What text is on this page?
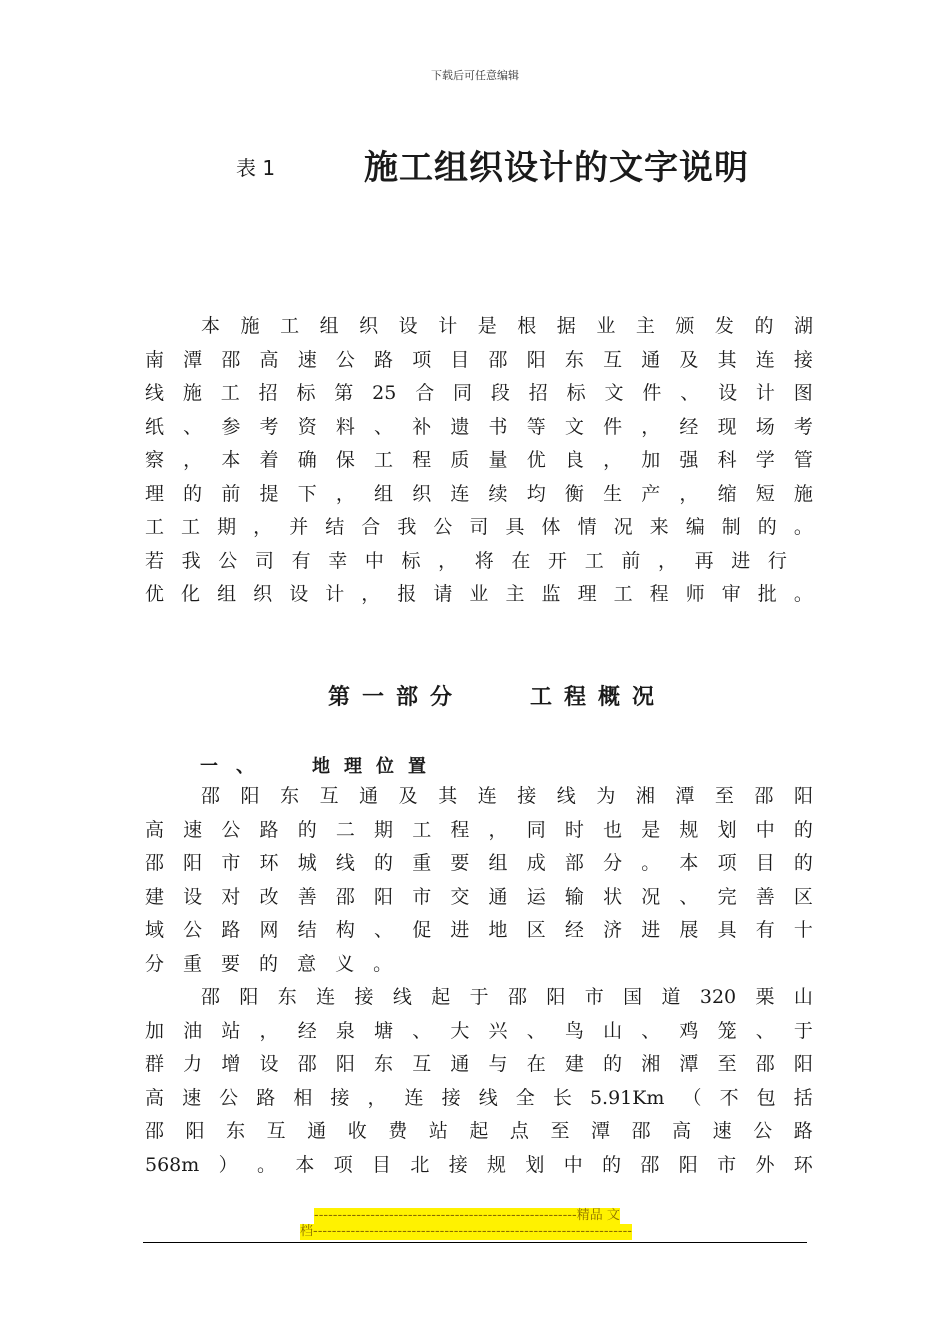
下载后可任意编辑
表 1	施工组织设计的文字说明
本 施 工 组 织 设 计 是 根 据 业 主 颁 发 的 湖
南 潭 邵 高 速 公 路 项 目 邵 阳 东 互 通 及 其 连 接
线 施 工 招 标 第 25 合 同 段 招 标 文 件 、 设 计 图
纸 、 参 考 资 料 、 补 遗 书 等 文 件 ， 经 现 场 考
察 ， 本 着 确 保 工 程 质 量 优 良 ， 加 强 科 学 管
理 的 前 提 下 ， 组 织 连 续 均 衡 生 产 ， 缩 短 施
工 工 期 ， 并 结 合 我 公 司 具 体 情 况 来 编 制 的 。
若 我 公 司 有 幸 中 标 ， 将 在 开 工 前 ， 再 进 行
优 化 组 织 设 计 ， 报 请 业 主 监 理 工 程 师 审 批 。
第一部分	工程概况
一、 地理位置
邵 阳 东 互 通 及 其 连 接 线 为 湘 潭 至 邵 阳
高 速 公 路 的 二 期 工 程 ， 同 时 也 是 规 划 中 的
邵 阳 市 环 城 线 的 重 要 组 成 部 分 。 本 项 目 的
建 设 对 改 善 邵 阳 市 交 通 运 输 状 况 、 完 善 区
域 公 路 网 结 构 、 促 进 地 区 经 济 进 展 具 有 十
分 重 要 的 意 义 。
邵 阳 东 连 接 线 起 于 邵 阳 市 国 道 320 栗 山
加 油 站 ， 经 泉 塘 、 大 兴 、 鸟 山 、 鸡 笼 、 于
群 力 增 设 邵 阳 东 互 通 与 在 建 的 湘 潭 至 邵 阳
高 速 公 路 相 接 ， 连 接 线 全 长 5.91Km （ 不 包 括
邵 阳 东 互 通 收 费 站 起 点 至 潭 邵 高 速 公 路
568m ） 。 本 项 目 北 接 规 划 中 的 邵 阳 市 外 环
--------------------------------------------------------精品 文
档--------------------------------------------------------------------
